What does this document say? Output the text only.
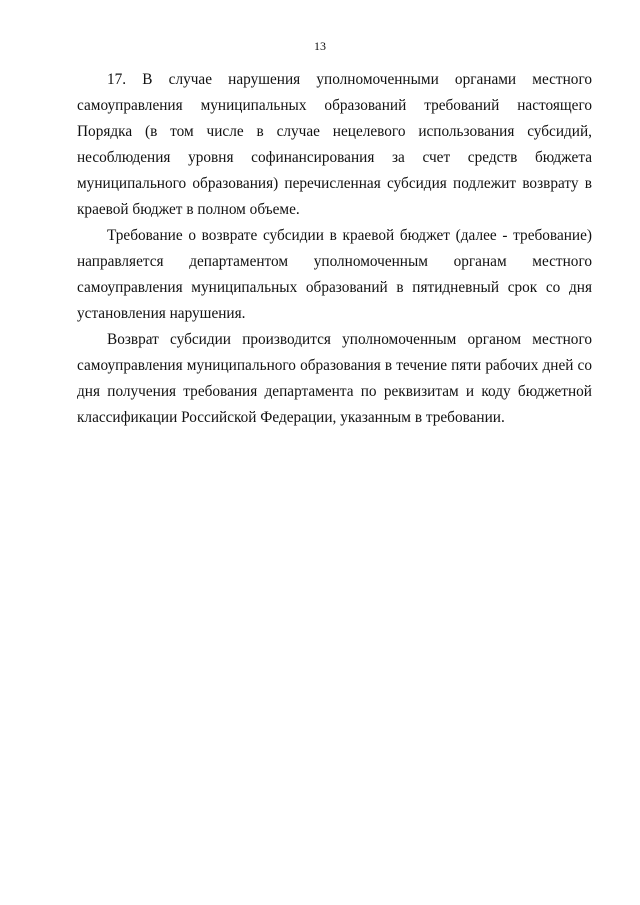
13

17. В случае нарушения уполномоченными органами местного самоуправления муниципальных образований требований настоящего Порядка (в том числе в случае нецелевого использования субсидий, несоблюдения уровня софинансирования за счет средств бюджета муниципального образования) перечисленная субсидия подлежит возврату в краевой бюджет в полном объеме.

Требование о возврате субсидии в краевой бюджет (далее - требование) направляется департаментом уполномоченным органам местного самоуправления муниципальных образований в пятидневный срок со дня установления нарушения.

Возврат субсидии производится уполномоченным органом местного самоуправления муниципального образования в течение пяти рабочих дней со дня получения требования департамента по реквизитам и коду бюджетной классификации Российской Федерации, указанным в требовании.
